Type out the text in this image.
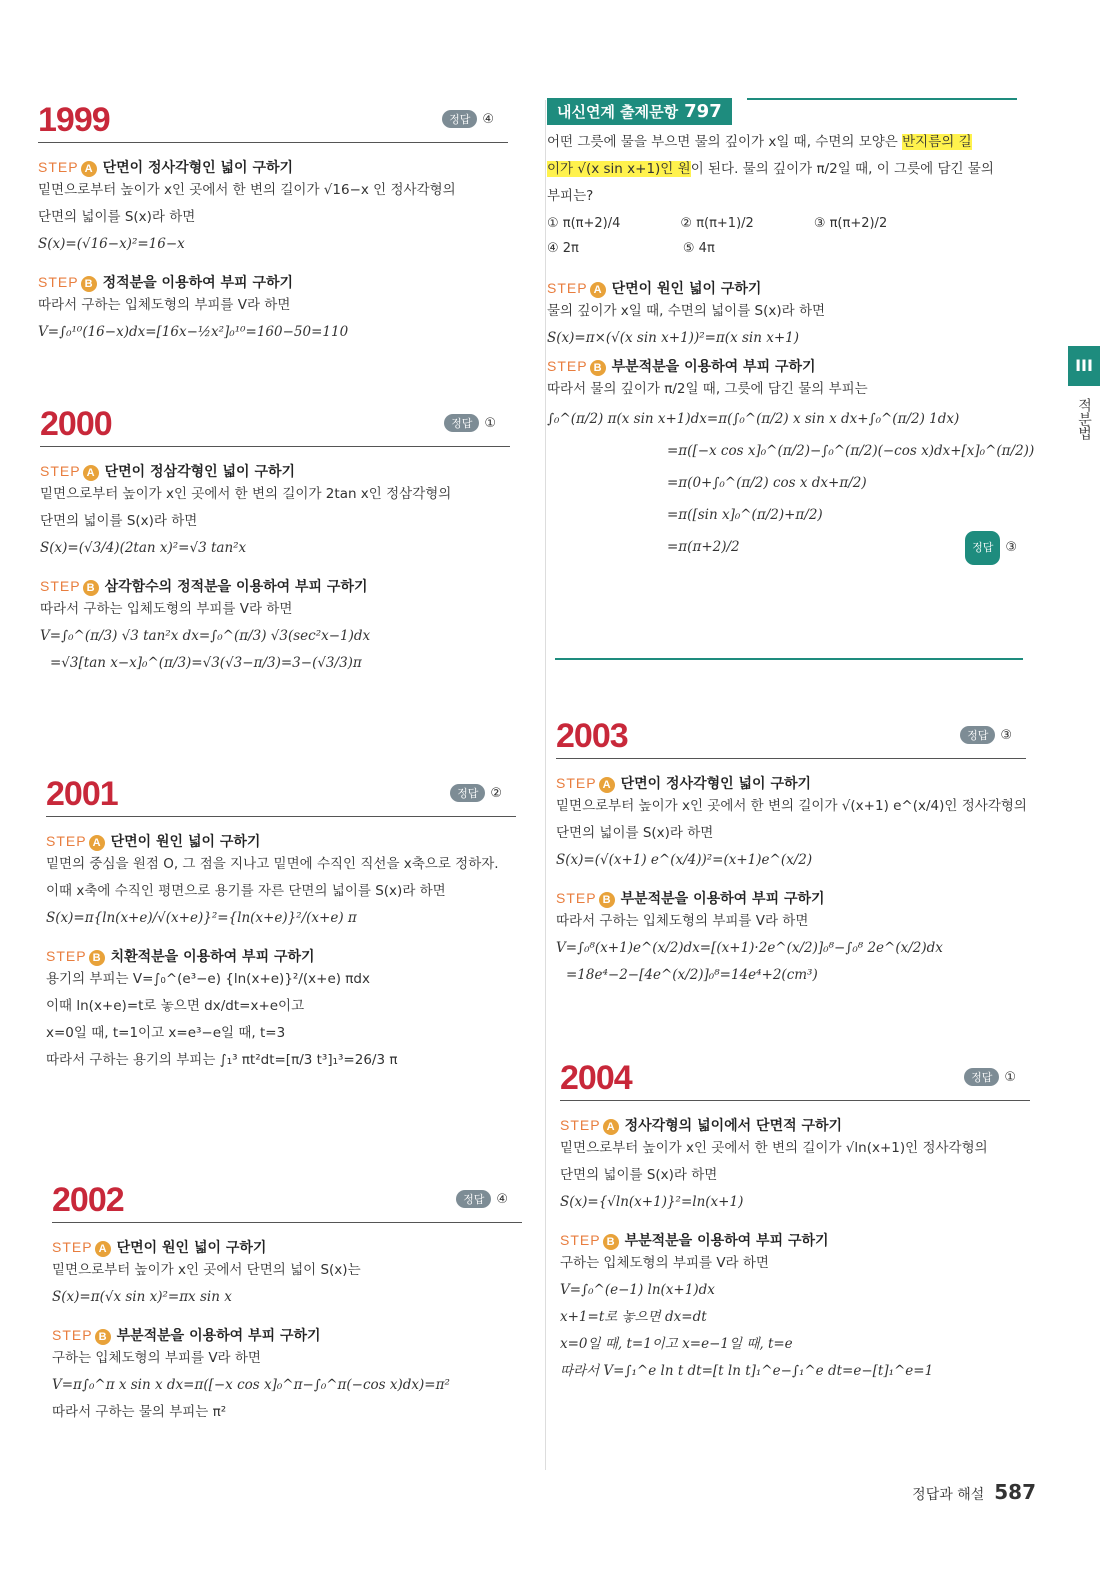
1999	정답 ④
STEP A 단면이 정사각형인 넓이 구하기
밑면으로부터 높이가 x인 곳에서 한 변의 길이가 √16−x 인 정사각형의
단면의 넓이를 S(x)라 하면
S(x)=(√16−x)²=16−x
STEP B 정적분을 이용하여 부피 구하기
따라서 구하는 입체도형의 부피를 V라 하면
V=∫₀¹⁰(16−x)dx=[16x−½x²]₀¹⁰=160−50=110
2000	정답 ①
STEP A 단면이 정삼각형인 넓이 구하기
밑면으로부터 높이가 x인 곳에서 한 변의 길이가 2tan x인 정삼각형의
단면의 넓이를 S(x)라 하면
S(x)=(√3/4)(2tan x)²=√3 tan²x
STEP B 삼각함수의 정적분을 이용하여 부피 구하기
따라서 구하는 입체도형의 부피를 V라 하면
V=∫₀^(π/3) √3 tan²x dx=∫₀^(π/3) √3(sec²x−1)dx
=√3[tan x−x]₀^(π/3)=√3(√3−π/3)=3−(√3/3)π
2001	정답 ②
STEP A 단면이 원인 넓이 구하기
밑면의 중심을 원점 O, 그 점을 지나고 밑면에 수직인 직선을 x축으로 정하자.
이때 x축에 수직인 평면으로 용기를 자른 단면의 넓이를 S(x)라 하면
S(x)=π{ln(x+e)/√(x+e)}²={ln(x+e)}²/(x+e) π
STEP B 치환적분을 이용하여 부피 구하기
용기의 부피는 V=∫₀^(e³−e) {ln(x+e)}²/(x+e) πdx
이때 ln(x+e)=t로 놓으면 dx/dt=x+e이고
x=0일 때, t=1이고 x=e³−e일 때, t=3
따라서 구하는 용기의 부피는 ∫₁³ πt²dt=[π/3 t³]₁³=26/3 π
2002	정답 ④
STEP A 단면이 원인 넓이 구하기
밑면으로부터 높이가 x인 곳에서 단면의 넓이 S(x)는
S(x)=π(√x sin x)²=πx sin x
STEP B 부분적분을 이용하여 부피 구하기
구하는 입체도형의 부피를 V라 하면
V=π∫₀^π x sin x dx=π([−x cos x]₀^π−∫₀^π(−cos x)dx)=π²
따라서 구하는 물의 부피는 π²
내신연계 출제문항 797
어떤 그릇에 물을 부으면 물의 깊이가 x일 때, 수면의 모양은 반지름의 길
이가 √(x sin x+1)인 원이 된다. 물의 깊이가 π/2일 때, 이 그릇에 담긴 물의
부피는?
① π(π+2)/4	② π(π+1)/2	③ π(π+2)/2
④ 2π	⑤ 4π
STEP A 단면이 원인 넓이 구하기
물의 깊이가 x일 때, 수면의 넓이를 S(x)라 하면
S(x)=π×(√(x sin x+1))²=π(x sin x+1)
STEP B 부분적분을 이용하여 부피 구하기
따라서 물의 깊이가 π/2일 때, 그릇에 담긴 물의 부피는
∫₀^(π/2) π(x sin x+1)dx=π(∫₀^(π/2) x sin x dx+∫₀^(π/2) 1dx)
=π([−x cos x]₀^(π/2)−∫₀^(π/2)(−cos x)dx+[x]₀^(π/2))
=π(0+∫₀^(π/2) cos x dx+π/2)
=π([sin x]₀^(π/2)+π/2)
=π(π+2)/2	정답 ③
2003	정답 ③
STEP A 단면이 정사각형인 넓이 구하기
밑면으로부터 높이가 x인 곳에서 한 변의 길이가 √(x+1) e^(x/4)인 정사각형의
단면의 넓이를 S(x)라 하면
S(x)=(√(x+1) e^(x/4))²=(x+1)e^(x/2)
STEP B 부분적분을 이용하여 부피 구하기
따라서 구하는 입체도형의 부피를 V라 하면
V=∫₀⁸(x+1)e^(x/2)dx=[(x+1)·2e^(x/2)]₀⁸−∫₀⁸ 2e^(x/2)dx
=18e⁴−2−[4e^(x/2)]₀⁸=14e⁴+2(cm³)
2004	정답 ①
STEP A 정사각형의 넓이에서 단면적 구하기
밑면으로부터 높이가 x인 곳에서 한 변의 길이가 √ln(x+1)인 정사각형의
단면의 넓이를 S(x)라 하면
S(x)={√ln(x+1)}²=ln(x+1)
STEP B 부분적분을 이용하여 부피 구하기
구하는 입체도형의 부피를 V라 하면
V=∫₀^(e−1) ln(x+1)dx
x+1=t로 놓으면 dx=dt
x=0일 때, t=1이고 x=e−1일 때, t=e
따라서 V=∫₁^e ln t dt=[t ln t]₁^e−∫₁^e dt=e−[t]₁^e=1
III
적분법
정답과 해설 587
